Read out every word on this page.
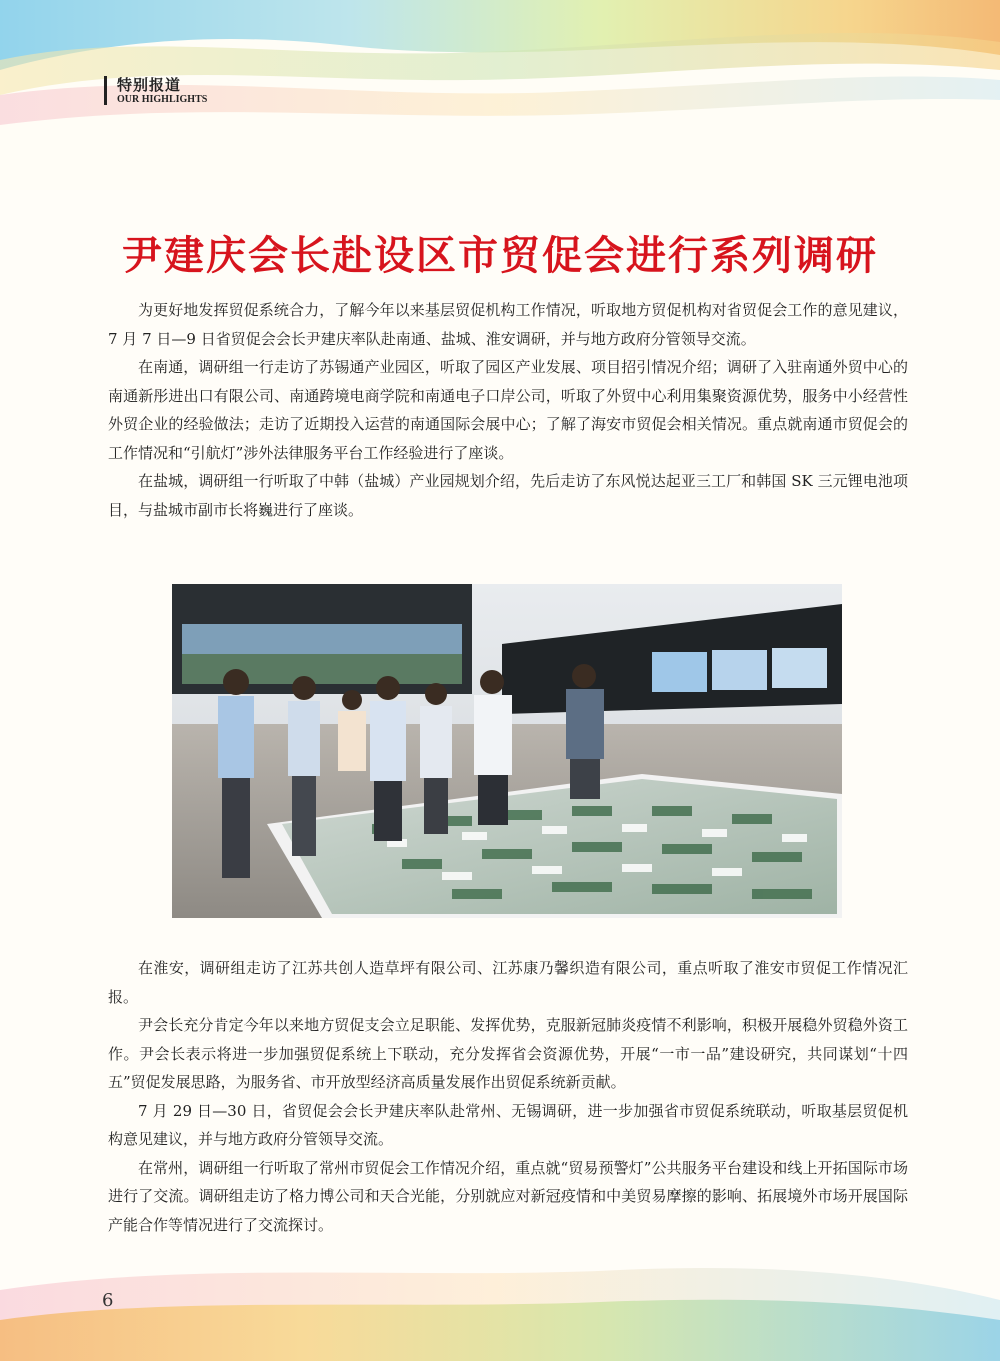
特别报道
OUR HIGHLIGHTS
尹建庆会长赴设区市贸促会进行系列调研

为更好地发挥贸促系统合力，了解今年以来基层贸促机构工作情况，听取地方贸促机构对省贸促会工作的意见建议，7 月 7 日—9 日省贸促会会长尹建庆率队赴南通、盐城、淮安调研，并与地方政府分管领导交流。

在南通，调研组一行走访了苏锡通产业园区，听取了园区产业发展、项目招引情况介绍；调研了入驻南通外贸中心的南通新彤进出口有限公司、南通跨境电商学院和南通电子口岸公司，听取了外贸中心利用集聚资源优势，服务中小经营性外贸企业的经验做法；走访了近期投入运营的南通国际会展中心；了解了海安市贸促会相关情况。重点就南通市贸促会的工作情况和“引航灯”涉外法律服务平台工作经验进行了座谈。

在盐城，调研组一行听取了中韩（盐城）产业园规划介绍，先后走访了东风悦达起亚三工厂和韩国 SK 三元锂电池项目，与盐城市副市长将巍进行了座谈。

在淮安，调研组走访了江苏共创人造草坪有限公司、江苏康乃馨织造有限公司，重点听取了淮安市贸促工作情况汇报。

尹会长充分肯定今年以来地方贸促支会立足职能、发挥优势，克服新冠肺炎疫情不利影响，积极开展稳外贸稳外资工作。尹会长表示将进一步加强贸促系统上下联动，充分发挥省会资源优势，开展“一市一品”建设研究，共同谋划“十四五”贸促发展思路，为服务省、市开放型经济高质量发展作出贸促系统新贡献。

7 月 29 日—30 日，省贸促会会长尹建庆率队赴常州、无锡调研，进一步加强省市贸促系统联动，听取基层贸促机构意见建议，并与地方政府分管领导交流。

在常州，调研组一行听取了常州市贸促会工作情况介绍，重点就“贸易预警灯”公共服务平台建设和线上开拓国际市场进行了交流。调研组走访了格力博公司和天合光能，分别就应对新冠疫情和中美贸易摩擦的影响、拓展境外市场开展国际产能合作等情况进行了交流探讨。

6
